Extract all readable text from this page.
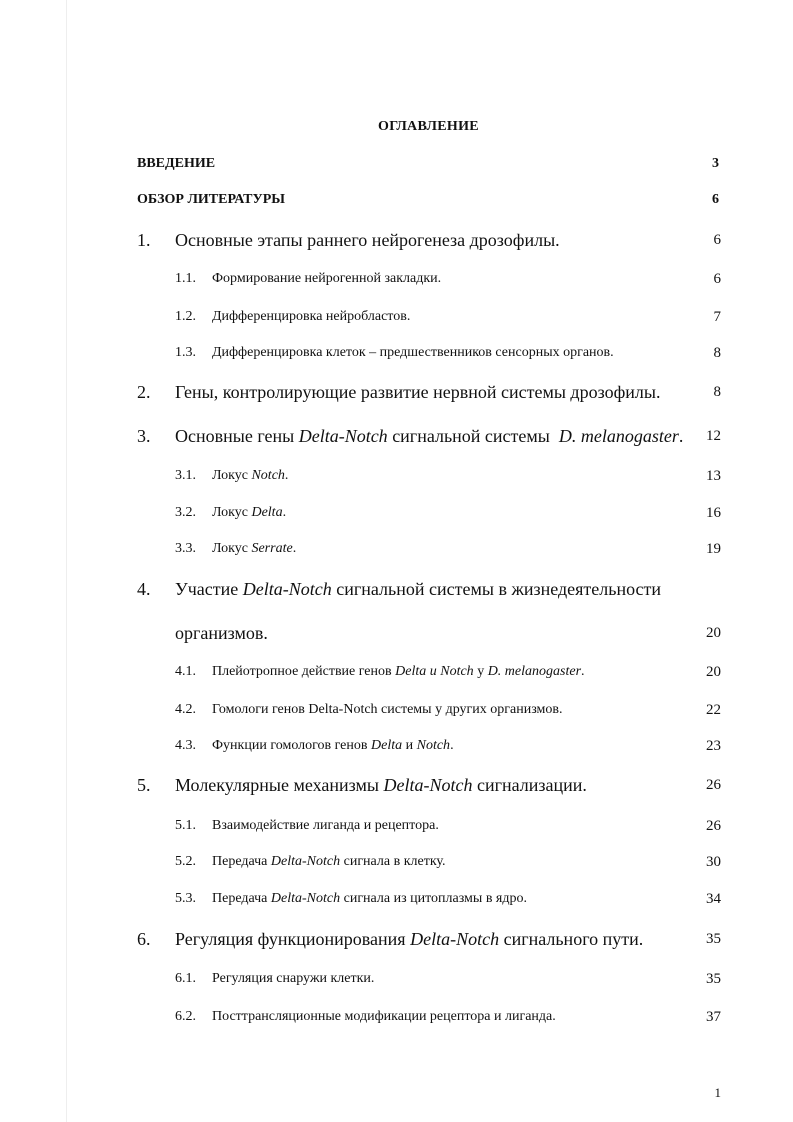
ОГЛАВЛЕНИЕ
ВВЕДЕНИЕ	3
ОБЗОР ЛИТЕРАТУРЫ	6
1. Основные этапы раннего нейрогенеза дрозофилы.	6
1.1. Формирование нейрогенной закладки.	6
1.2. Дифференцировка нейробластов.	7
1.3. Дифференцировка клеток – предшественников сенсорных органов.	8
2. Гены, контролирующие развитие нервной системы дрозофилы.	8
3. Основные гены Delta-Notch сигнальной системы  D. melanogaster. 12
3.1. Локус Notch.	13
3.2. Локус Delta.	16
3.3. Локус Serrate.	19
4. Участие Delta-Notch сигнальной системы в жизнедеятельности
организмов.	20
4.1. Плейотропное действие генов Delta и Notch у D. melanogaster.	20
4.2. Гомологи генов Delta-Notch системы у других организмов.	22
4.3. Функции гомологов генов Delta и Notch.	23
5. Молекулярные механизмы Delta-Notch сигнализации.	26
5.1. Взаимодействие лиганда и рецептора.	26
5.2. Передача Delta-Notch сигнала в клетку.	30
5.3. Передача Delta-Notch сигнала из цитоплазмы в ядро.	34
6. Регуляция функционирования Delta-Notch сигнального пути.	35
6.1. Регуляция снаружи клетки.	35
6.2. Посттрансляционные модификации рецептора и лиганда.	37
1
